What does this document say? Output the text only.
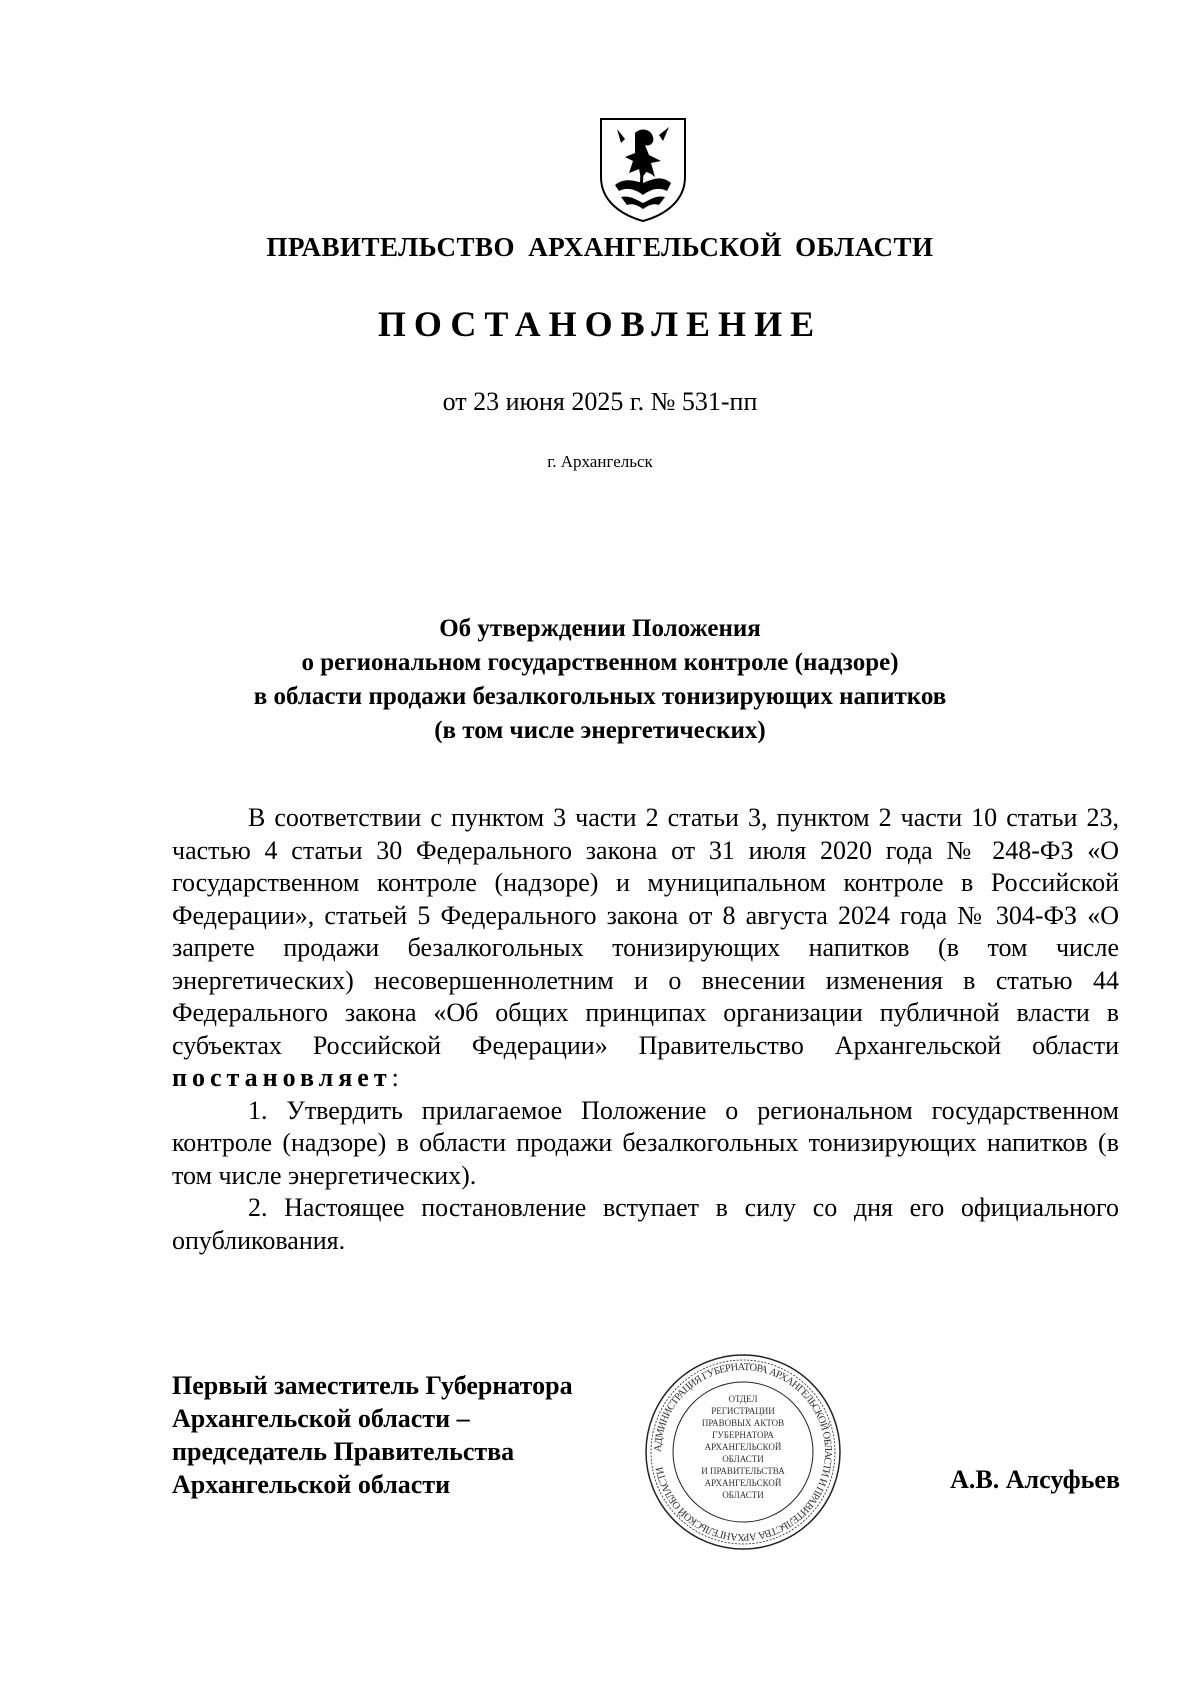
ПРАВИТЕЛЬСТВО АРХАНГЕЛЬСКОЙ ОБЛАСТИ
ПОСТАНОВЛЕНИЕ
от 23 июня 2025 г. № 531-пп
г. Архангельск
Об утверждении Положения
о региональном государственном контроле (надзоре)
в области продажи безалкогольных тонизирующих напитков
(в том числе энергетических)

В соответствии с пунктом 3 части 2 статьи 3, пунктом 2 части 10 статьи 23, частью 4 статьи 30 Федерального закона от 31 июля 2020 года № 248-ФЗ «О государственном контроле (надзоре) и муниципальном контроле в Российской Федерации», статьей 5 Федерального закона от 8 августа 2024 года № 304-ФЗ «О запрете продажи безалкогольных тонизирующих напитков (в том числе энергетических) несовершеннолетним и о внесении изменения в статью 44 Федерального закона «Об общих принципах организации публичной власти в субъектах Российской Федерации» Правительство Архангельской области постановляет:

1. Утвердить прилагаемое Положение о региональном государственном контроле (надзоре) в области продажи безалкогольных тонизирующих напитков (в том числе энергетических).

2. Настоящее постановление вступает в силу со дня его официального опубликования.

Первый заместитель Губернатора
Архангельской области –
председатель Правительства
Архангельской области
АДМИНИСТРАЦИЯ ГУБЕРНАТОРА АРХАНГЕЛЬСКОЙ ОБЛАСТИ И ПРАВИТЕЛЬСТВА АРХАНГЕЛЬСКОЙ ОБЛАСТИ
ОТДЕЛ
РЕГИСТРАЦИИ
ПРАВОВЫХ АКТОВ
ГУБЕРНАТОРА
АРХАНГЕЛЬСКОЙ
ОБЛАСТИ
И ПРАВИТЕЛЬСТВА
АРХАНГЕЛЬСКОЙ
ОБЛАСТИ
А.В. Алсуфьев
